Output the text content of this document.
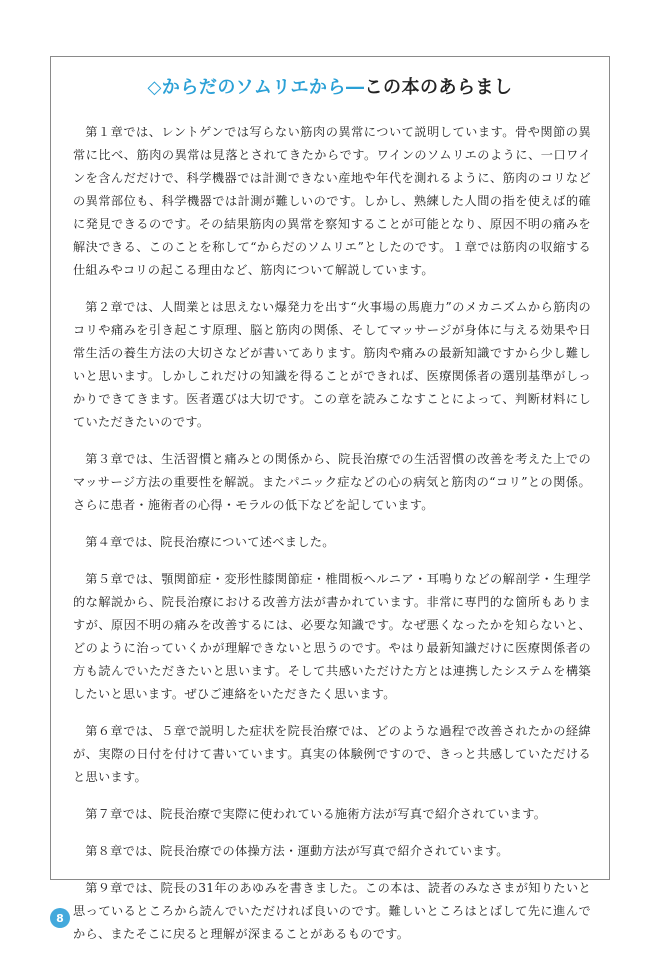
◇からだのソムリエから―この本のあらまし

第１章では、レントゲンでは写らない筋肉の異常について説明しています。骨や関節の異常に比べ、筋肉の異常は見落とされてきたからです。ワインのソムリエのように、一口ワインを含んだだけで、科学機器では計測できない産地や年代を測れるように、筋肉のコリなどの異常部位も、科学機器では計測が難しいのです。しかし、熟練した人間の指を使えば的確に発見できるのです。その結果筋肉の異常を察知することが可能となり、原因不明の痛みを解決できる、このことを称して“からだのソムリエ”としたのです。１章では筋肉の収縮する仕組みやコリの起こる理由など、筋肉について解説しています。

第２章では、人間業とは思えない爆発力を出す“火事場の馬鹿力”のメカニズムから筋肉のコリや痛みを引き起こす原理、脳と筋肉の関係、そしてマッサージが身体に与える効果や日常生活の養生方法の大切さなどが書いてあります。筋肉や痛みの最新知識ですから少し難しいと思います。しかしこれだけの知識を得ることができれば、医療関係者の選別基準がしっかりできてきます。医者選びは大切です。この章を読みこなすことによって、判断材料にしていただきたいのです。

第３章では、生活習慣と痛みとの関係から、院長治療での生活習慣の改善を考えた上でのマッサージ方法の重要性を解説。またパニック症などの心の病気と筋肉の“コリ”との関係。さらに患者・施術者の心得・モラルの低下などを記しています。

第４章では、院長治療について述べました。

第５章では、顎関節症・変形性膝関節症・椎間板ヘルニア・耳鳴りなどの解剖学・生理学的な解説から、院長治療における改善方法が書かれています。非常に専門的な箇所もありますが、原因不明の痛みを改善するには、必要な知識です。なぜ悪くなったかを知らないと、どのように治っていくかが理解できないと思うのです。やはり最新知識だけに医療関係者の方も読んでいただきたいと思います。そして共感いただけた方とは連携したシステムを構築したいと思います。ぜひご連絡をいただきたく思います。

第６章では、５章で説明した症状を院長治療では、どのような過程で改善されたかの経緯が、実際の日付を付けて書いています。真実の体験例ですので、きっと共感していただけると思います。

第７章では、院長治療で実際に使われている施術方法が写真で紹介されています。

第８章では、院長治療での体操方法・運動方法が写真で紹介されています。

第９章では、院長の31年のあゆみを書きました。この本は、読者のみなさまが知りたいと思っているところから読んでいただければ良いのです。難しいところはとばして先に進んでから、またそこに戻ると理解が深まることがあるものです。

8
